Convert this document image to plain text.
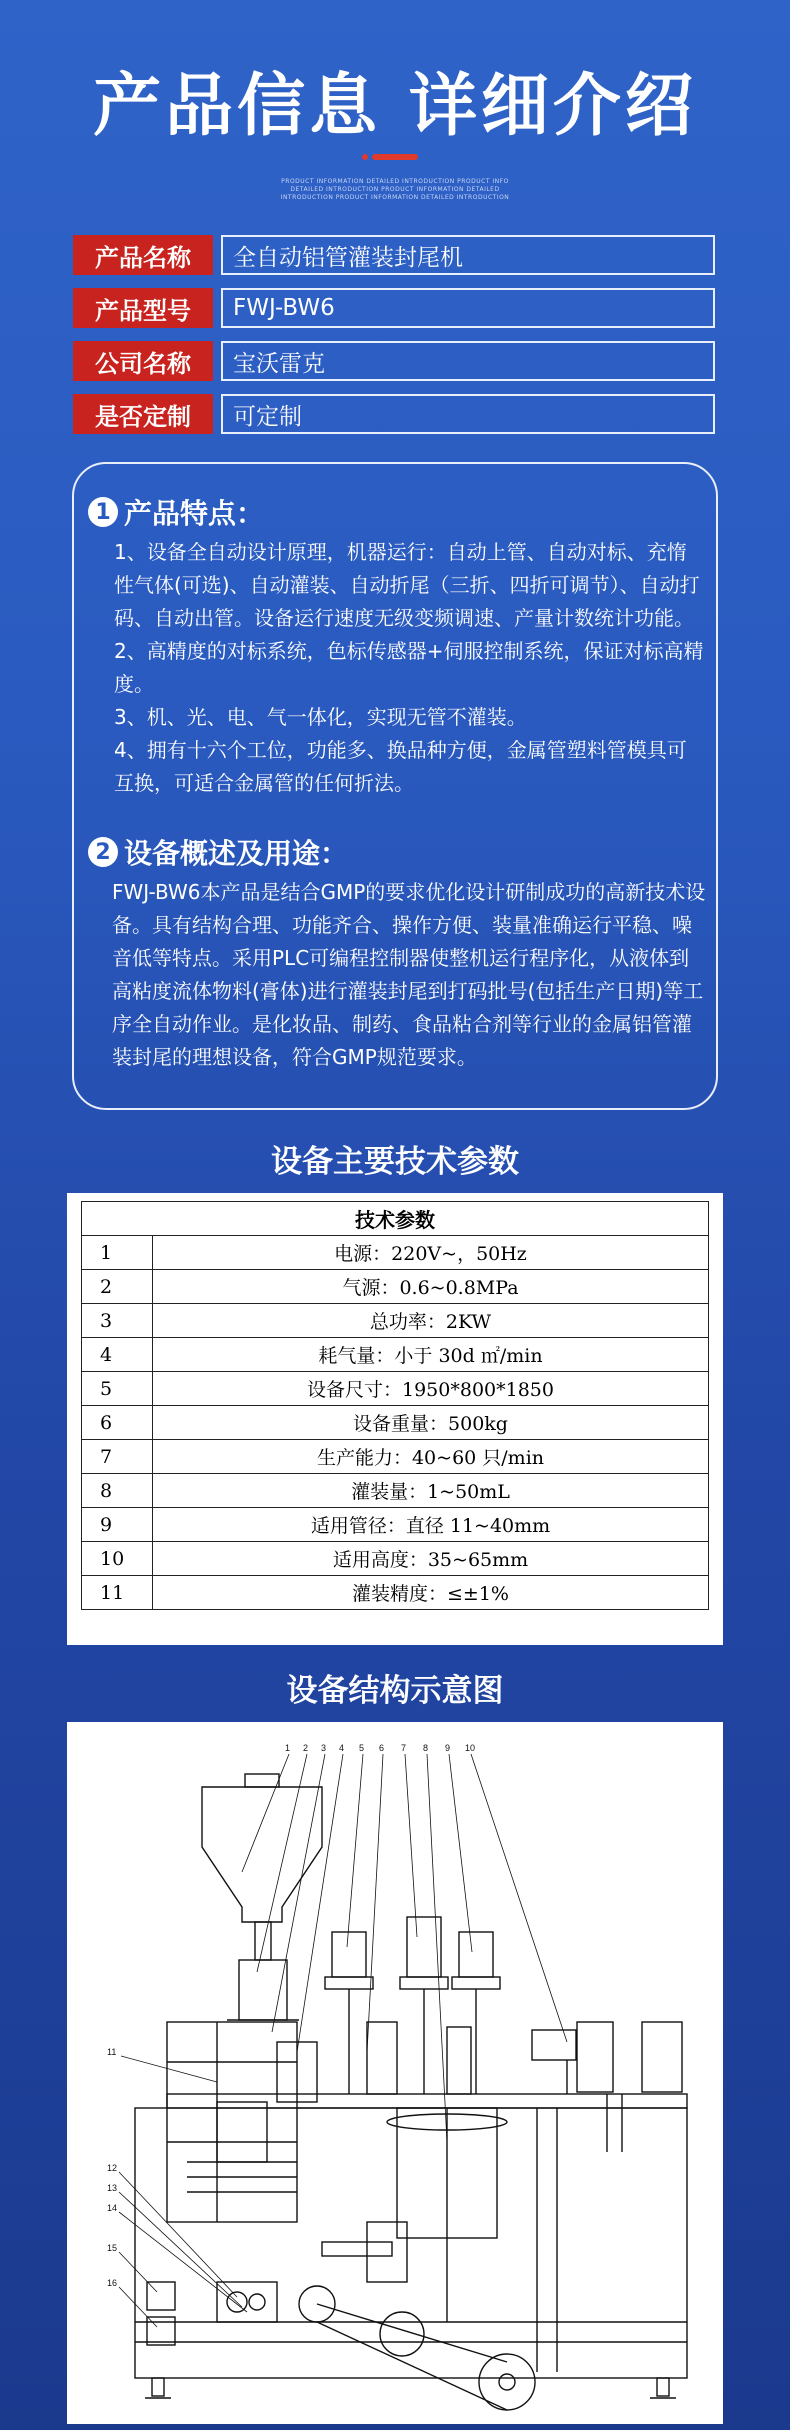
产品信息 详细介绍
PRODUCT INFORMATION DETAILED INTRODUCTION PRODUCT INFO
DETAILED INTRODUCTION PRODUCT INFORMATION DETAILED
INTRODUCTION PRODUCT INFORMATION DETAILED INTRODUCTION
产品名称	全自动铝管灌装封尾机
产品型号	FWJ-BW6
公司名称	宝沃雷克
是否定制	可定制
1 产品特点：

1、设备全自动设计原理，机器运行：自动上管、自动对标、充惰性气体(可选)、自动灌装、自动折尾（三折、四折可调节）、自动打码、自动出管。设备运行速度无级变频调速、产量计数统计功能。

2、高精度的对标系统，色标传感器+伺服控制系统，保证对标高精度。

3、机、光、电、气一体化，实现无管不灌装。

4、拥有十六个工位，功能多、换品种方便，金属管塑料管模具可互换，可适合金属管的任何折法。

2 设备概述及用途：
FWJ-BW6本产品是结合GMP的要求优化设计研制成功的高新技术设备。具有结构合理、功能齐合、操作方便、装量准确运行平稳、噪音低等特点。采用PLC可编程控制器使整机运行程序化，从液体到高粘度流体物料(膏体)进行灌装封尾到打码批号(包括生产日期)等工序全自动作业。是化妆品、制药、食品粘合剂等行业的金属铝管灌装封尾的理想设备，符合GMP规范要求。
设备主要技术参数
技术参数	
1	电源：220V~，50Hz
2	气源：0.6~0.8MPa
3	总功率：2KW
4	耗气量：小于 30d ㎡/min
5	设备尺寸：1950*800*1850
6	设备重量：500kg
7	生产能力：40~60 只/min
8	灌装量：1~50mL
9	适用管径：直径 11~40mm
10	适用高度：35~65mm
11	灌装精度：≤±1%
设备结构示意图
1 2 3 4 5 6 7 8 9 10
11
12
13
14
15
16
